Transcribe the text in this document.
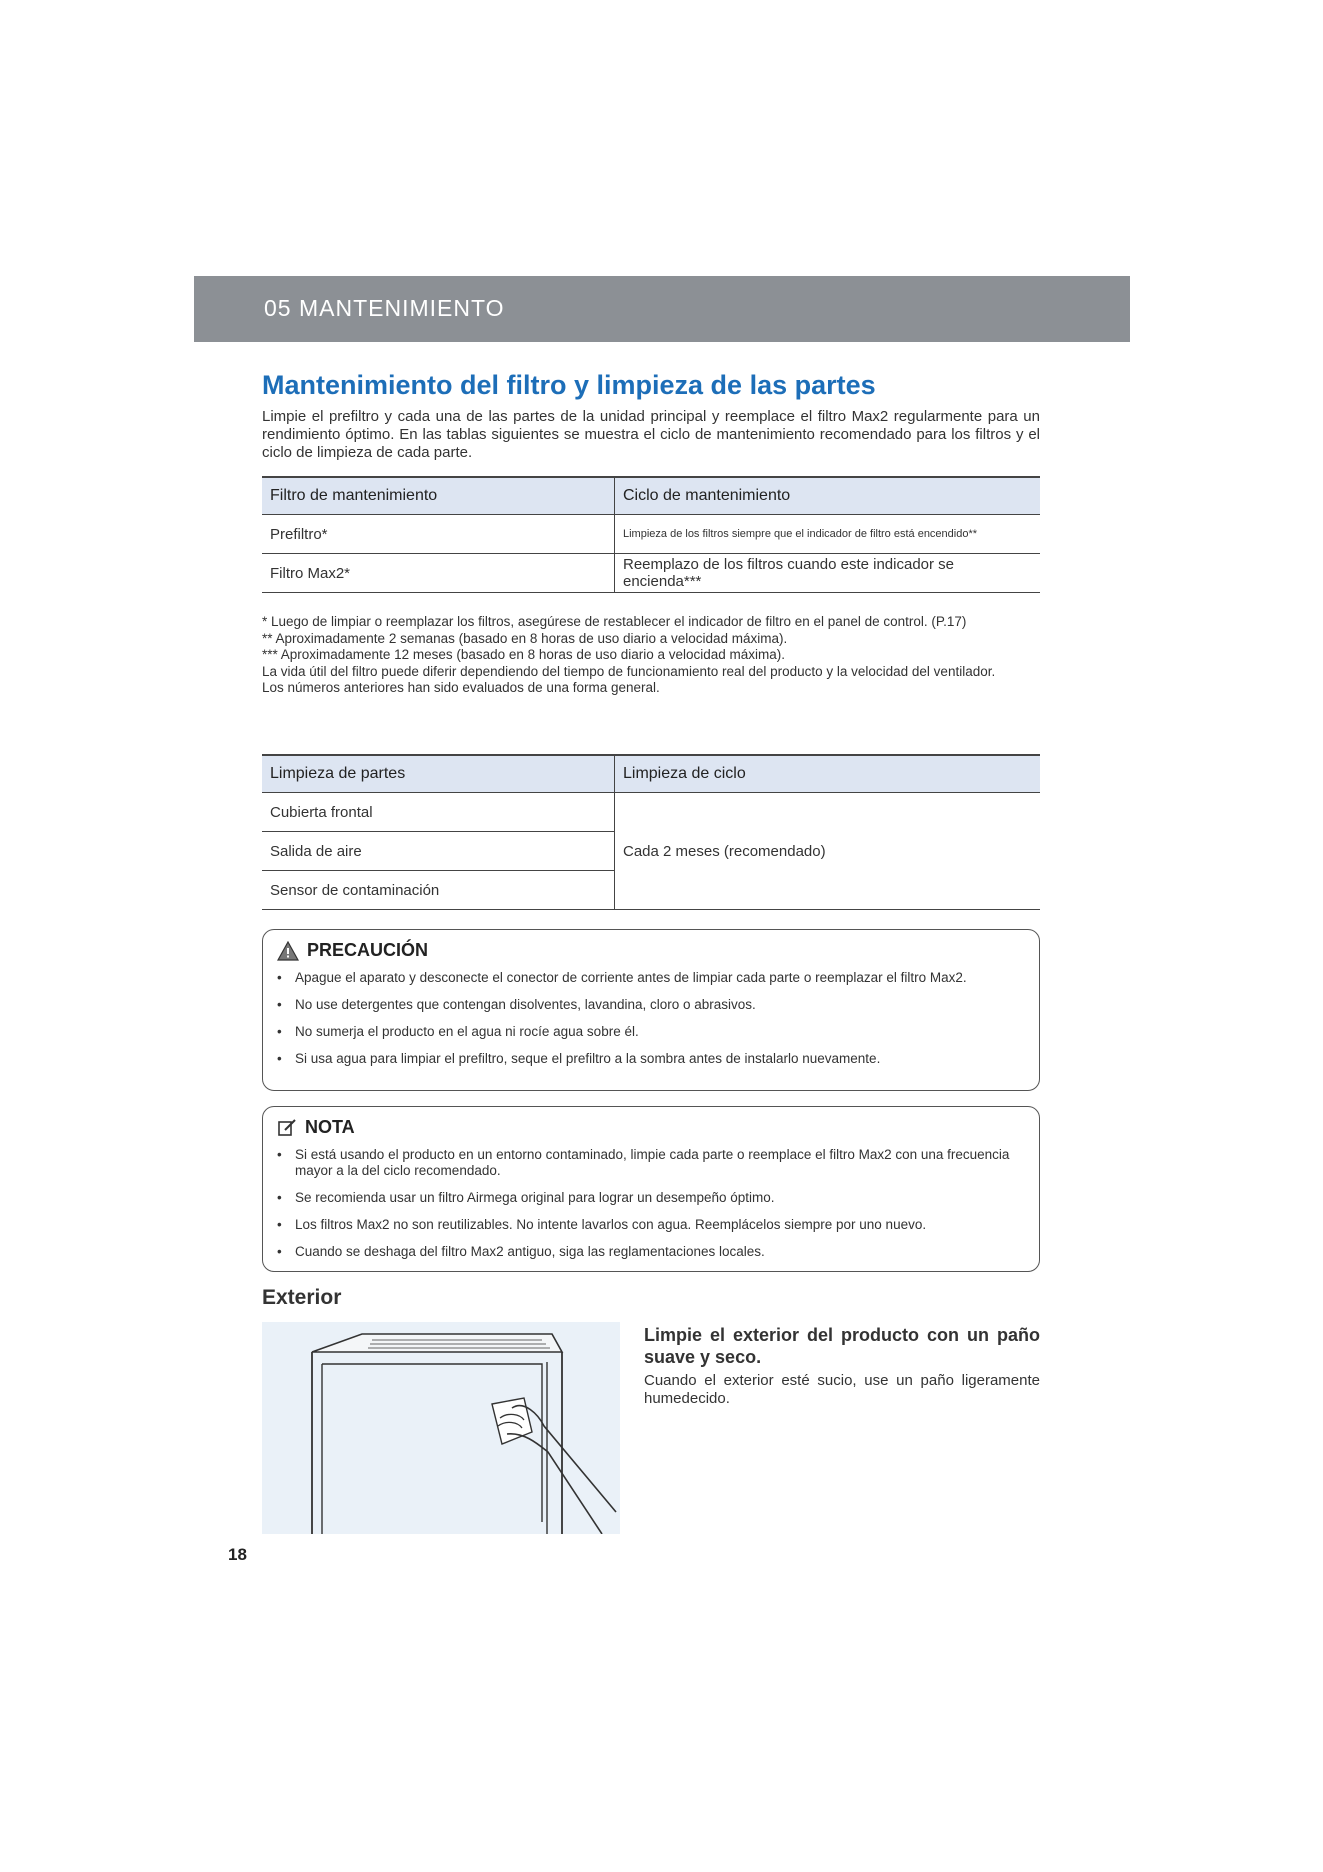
05 MANTENIMIENTO
Mantenimiento del filtro y limpieza de las partes
Limpie el prefiltro y cada una de las partes de la unidad principal y reemplace el filtro Max2 regularmente para un rendimiento óptimo. En las tablas siguientes se muestra el ciclo de mantenimiento recomendado para los filtros y el ciclo de limpieza de cada parte.
Filtro de mantenimiento	Ciclo de mantenimiento
Prefiltro*	Limpieza de los filtros siempre que el indicador de filtro está encendido**
Filtro Max2*	Reemplazo de los filtros cuando este indicador se encienda***
* Luego de limpiar o reemplazar los filtros, asegúrese de restablecer el indicador de filtro en el panel de control. (P.17)
** Aproximadamente 2 semanas (basado en 8 horas de uso diario a velocidad máxima).
*** Aproximadamente 12 meses (basado en 8 horas de uso diario a velocidad máxima).
La vida útil del filtro puede diferir dependiendo del tiempo de funcionamiento real del producto y la velocidad del ventilador.
Los números anteriores han sido evaluados de una forma general.
Limpieza de partes	Limpieza de ciclo
Cubierta frontal	Cada 2 meses (recomendado)
Salida de aire	
Sensor de contaminación	
PRECAUCIÓN
• Apague el aparato y desconecte el conector de corriente antes de limpiar cada parte o reemplazar el filtro Max2.
• No use detergentes que contengan disolventes, lavandina, cloro o abrasivos.
• No sumerja el producto en el agua ni rocíe agua sobre él.
• Si usa agua para limpiar el prefiltro, seque el prefiltro a la sombra antes de instalarlo nuevamente.
NOTA
• Si está usando el producto en un entorno contaminado, limpie cada parte o reemplace el filtro Max2 con una frecuencia mayor a la del ciclo recomendado.
• Se recomienda usar un filtro Airmega original para lograr un desempeño óptimo.
• Los filtros Max2 no son reutilizables. No intente lavarlos con agua. Reemplácelos siempre por uno nuevo.
• Cuando se deshaga del filtro Max2 antiguo, siga las reglamentaciones locales.
Exterior
Limpie el exterior del producto con un paño suave y seco.
Cuando el exterior esté sucio, use un paño ligeramente humedecido.
18
